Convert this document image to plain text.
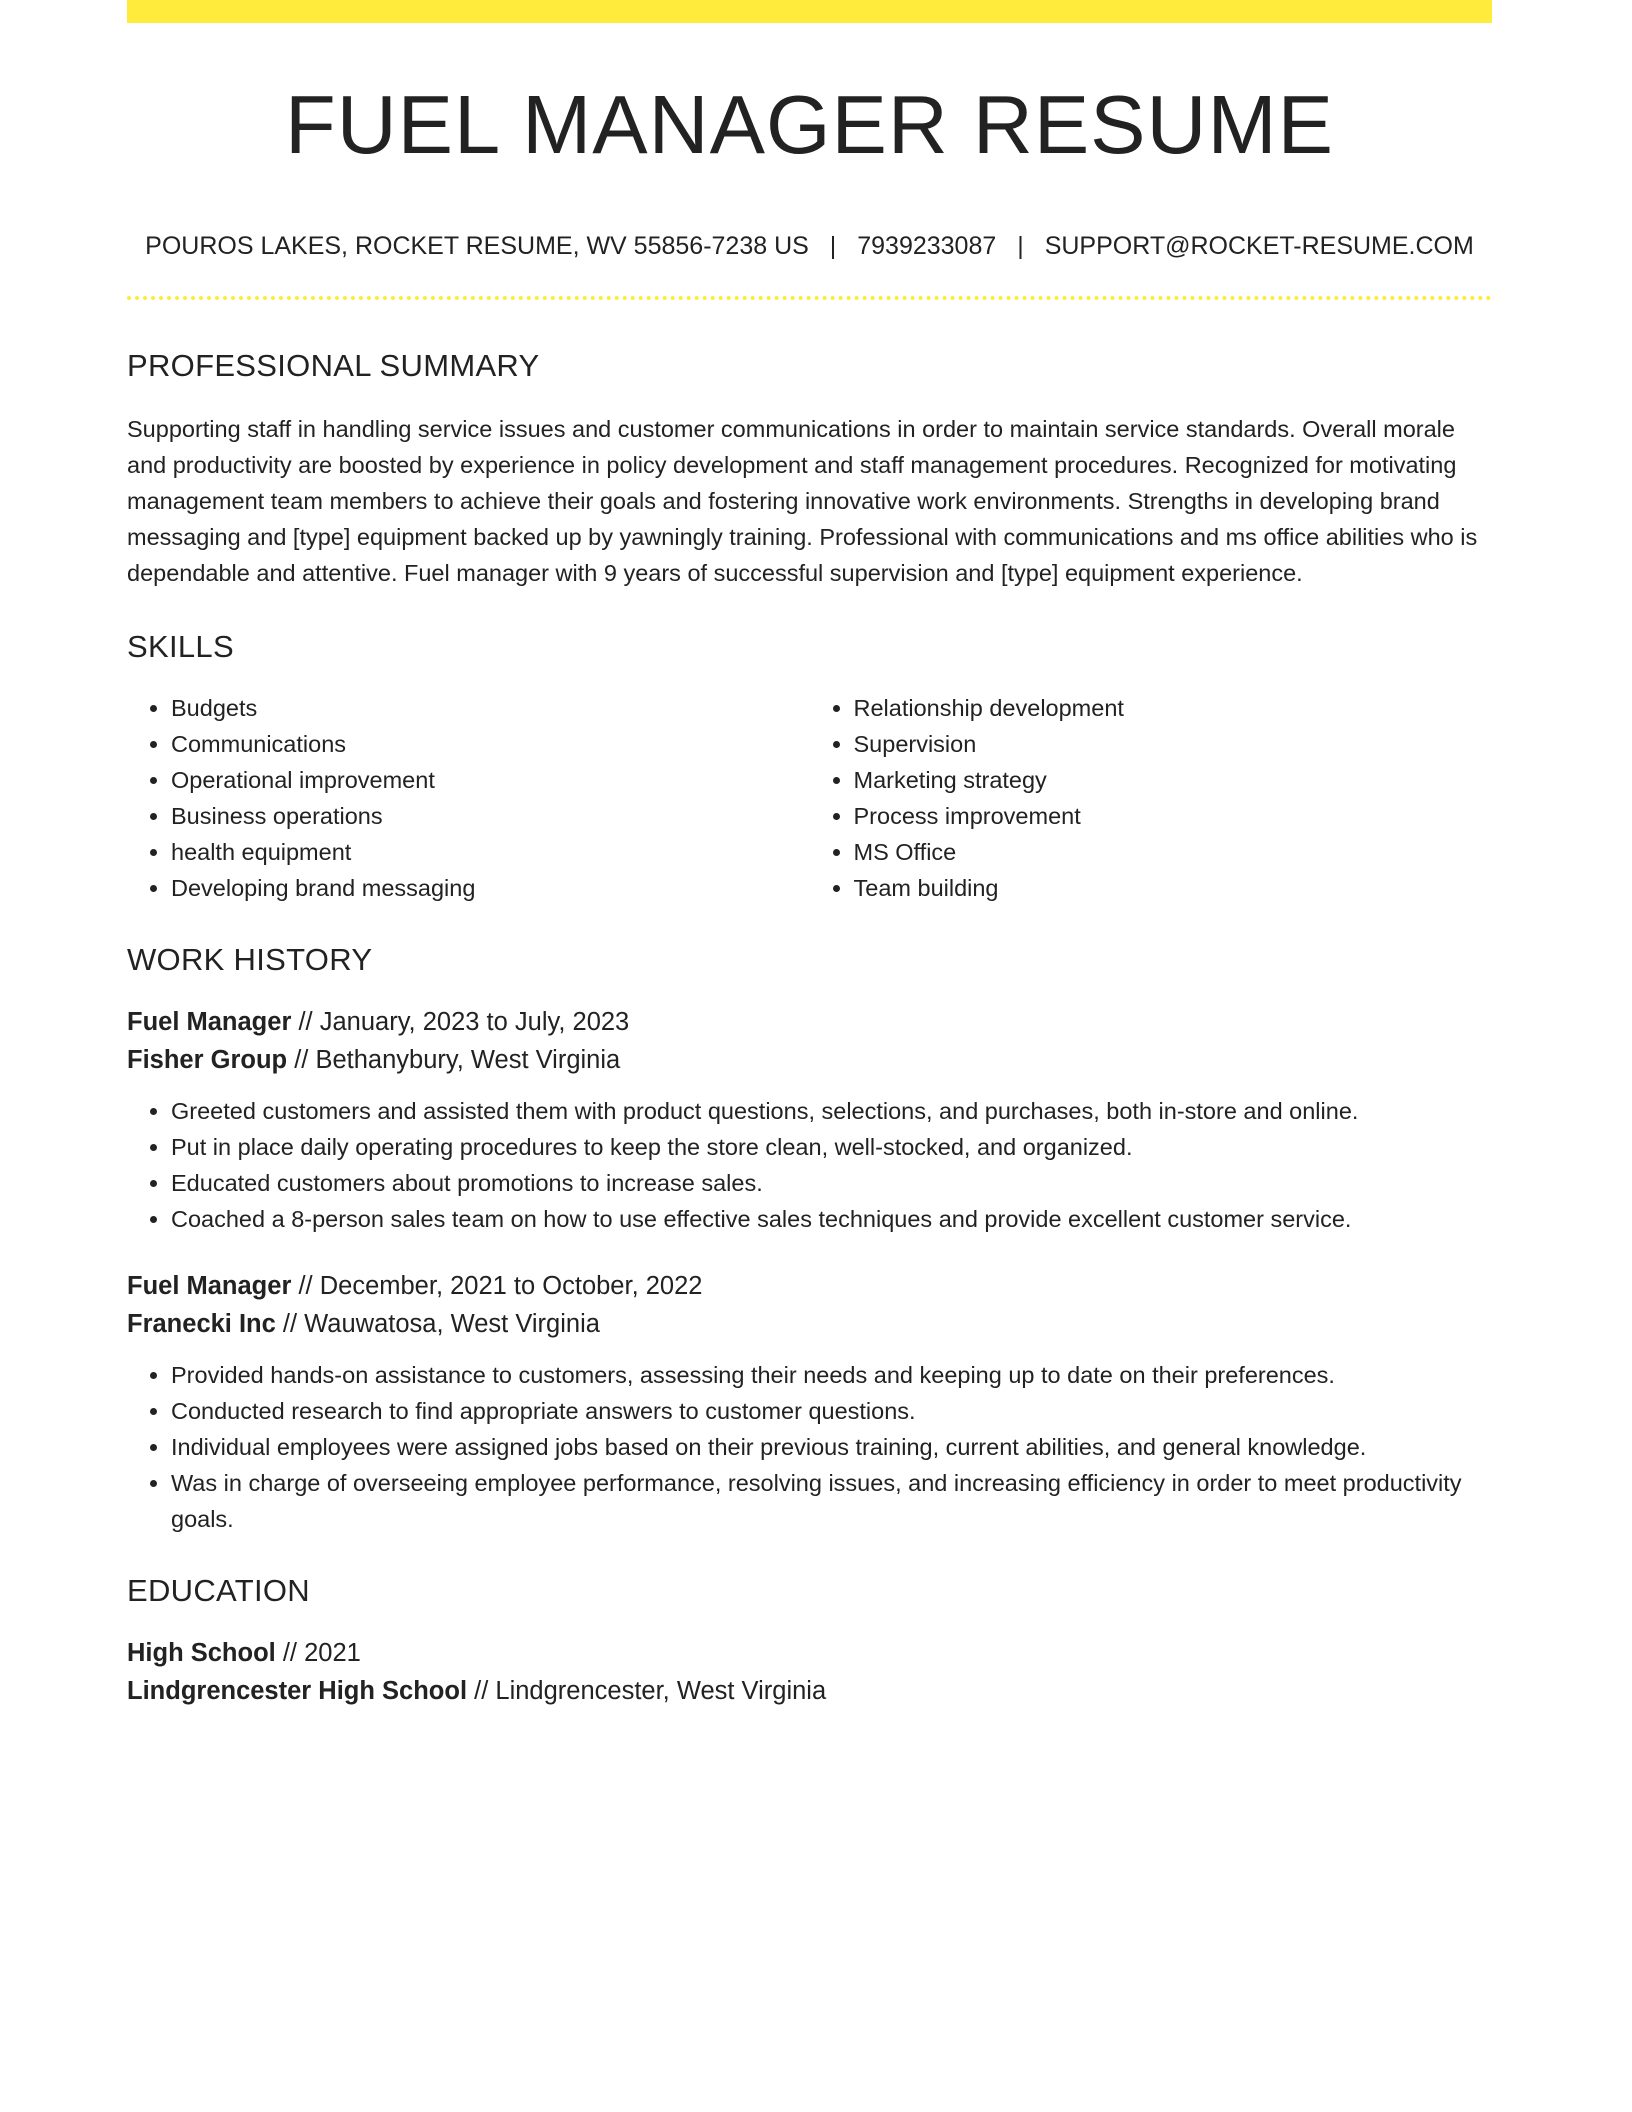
FUEL MANAGER RESUME
POUROS LAKES, ROCKET RESUME, WV 55856-7238 US | 7939233087 | SUPPORT@ROCKET-RESUME.COM
PROFESSIONAL SUMMARY
Supporting staff in handling service issues and customer communications in order to maintain service standards. Overall morale and productivity are boosted by experience in policy development and staff management procedures. Recognized for motivating management team members to achieve their goals and fostering innovative work environments. Strengths in developing brand messaging and [type] equipment backed up by yawningly training. Professional with communications and ms office abilities who is dependable and attentive. Fuel manager with 9 years of successful supervision and [type] equipment experience.
SKILLS
• Budgets
• Communications
• Operational improvement
• Business operations
• health equipment
• Developing brand messaging
• Relationship development
• Supervision
• Marketing strategy
• Process improvement
• MS Office
• Team building
WORK HISTORY
Fuel Manager // January, 2023 to July, 2023
Fisher Group // Bethanybury, West Virginia
• Greeted customers and assisted them with product questions, selections, and purchases, both in-store and online.
• Put in place daily operating procedures to keep the store clean, well-stocked, and organized.
• Educated customers about promotions to increase sales.
• Coached a 8-person sales team on how to use effective sales techniques and provide excellent customer service.
Fuel Manager // December, 2021 to October, 2022
Franecki Inc // Wauwatosa, West Virginia
• Provided hands-on assistance to customers, assessing their needs and keeping up to date on their preferences.
• Conducted research to find appropriate answers to customer questions.
• Individual employees were assigned jobs based on their previous training, current abilities, and general knowledge.
• Was in charge of overseeing employee performance, resolving issues, and increasing efficiency in order to meet productivity goals.
EDUCATION
High School // 2021
Lindgrencester High School // Lindgrencester, West Virginia
